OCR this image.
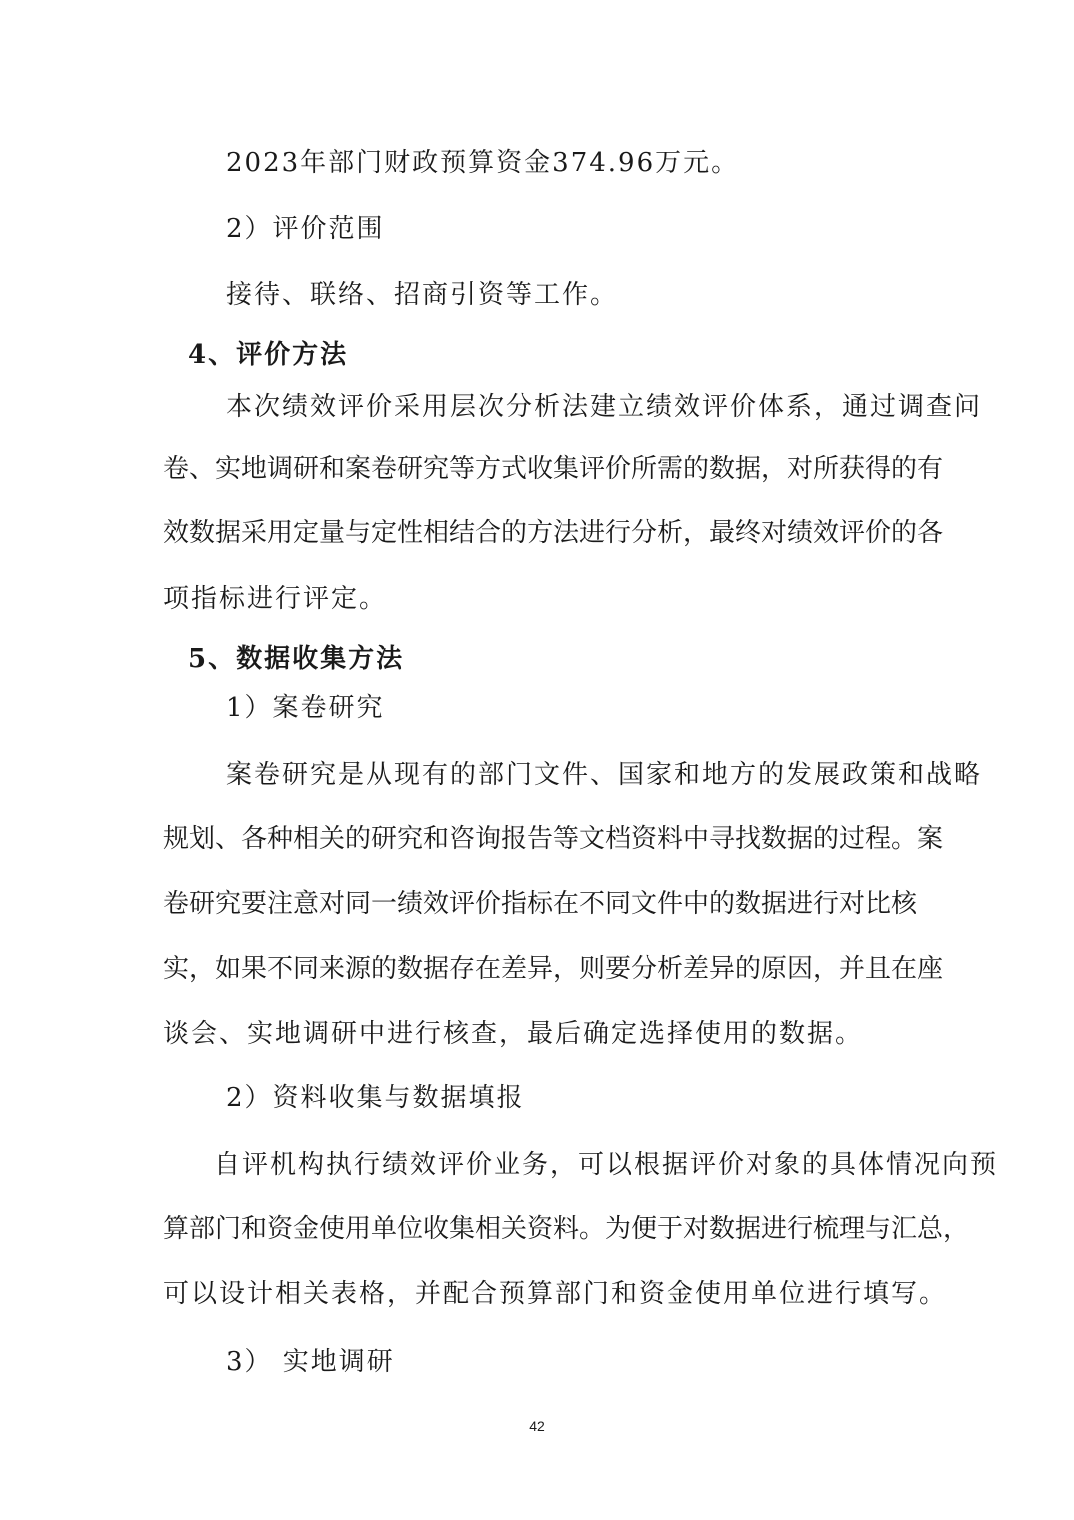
2023年部门财政预算资金374.96万元。
2）评价范围
接待、联络、招商引资等工作。
4、评价方法
本次绩效评价采用层次分析法建立绩效评价体系，通过调查问
卷、实地调研和案卷研究等方式收集评价所需的数据，对所获得的有
效数据采用定量与定性相结合的方法进行分析，最终对绩效评价的各
项指标进行评定。
5、数据收集方法
1）案卷研究
案卷研究是从现有的部门文件、国家和地方的发展政策和战略
规划、各种相关的研究和咨询报告等文档资料中寻找数据的过程。案
卷研究要注意对同一绩效评价指标在不同文件中的数据进行对比核
实，如果不同来源的数据存在差异，则要分析差异的原因，并且在座
谈会、实地调研中进行核查，最后确定选择使用的数据。
2）资料收集与数据填报
自评机构执行绩效评价业务，可以根据评价对象的具体情况向预
算部门和资金使用单位收集相关资料。为便于对数据进行梳理与汇总，
可以设计相关表格，并配合预算部门和资金使用单位进行填写。
3） 实地调研
42
